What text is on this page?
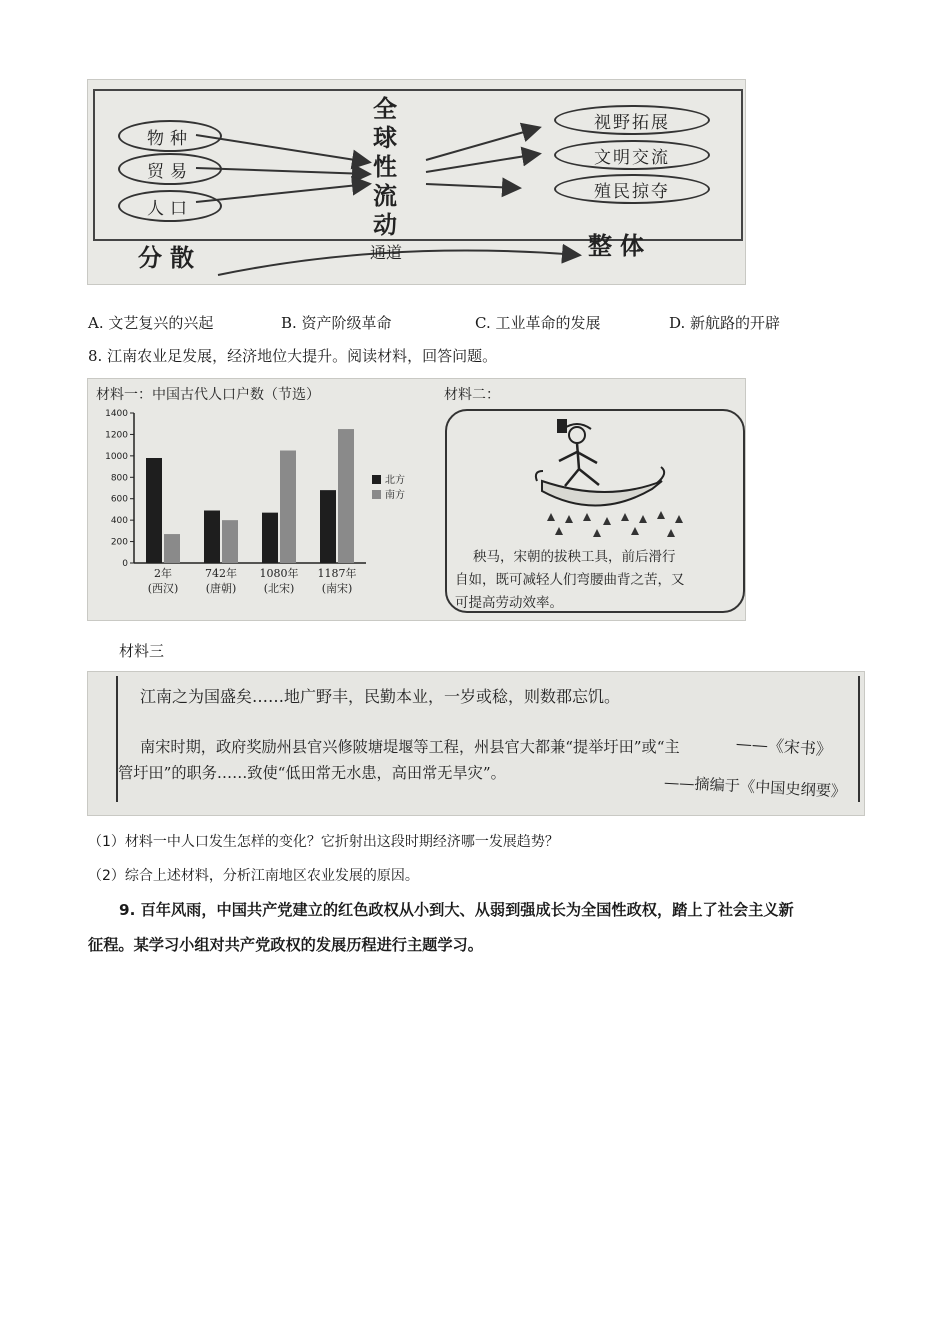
物种
贸易
人口
全球性流动
视野拓展
文明交流
殖民掠夺
分散	通道	整体
A. 文艺复兴的兴起	B. 资产阶级革命	C. 工业革命的发展	D. 新航路的开辟
8. 江南农业足发展，经济地位大提升。阅读材料，回答问题。
材料一：中国古代人口户数（节选）
0
200
400
600
800
1000
1200
1400
2年
(西汉)
742年
(唐朝)
1080年
(北宋)
1187年
(南宋)
北方
南方
材料二：
秧马，宋朝的拔秧工具，前后滑行
自如，既可减轻人们弯腰曲背之苦，又
可提高劳动效率。
材料三
江南之为国盛矣……地广野丰，民勤本业，一岁或稔，则数郡忘饥。
——《宋书》
南宋时期，政府奖励州县官兴修陂塘堤堰等工程，州县官大都兼“提举圩田”或“主
管圩田”的职务……致使“低田常无水患，高田常无旱灾”。
——摘编于《中国史纲要》
（1）材料一中人口发生怎样的变化？它折射出这段时期经济哪一发展趋势？
（2）综合上述材料，分析江南地区农业发展的原因。
9. 百年风雨，中国共产党建立的红色政权从小到大、从弱到强成长为全国性政权，踏上了社会主义新
征程。某学习小组对共产党政权的发展历程进行主题学习。
